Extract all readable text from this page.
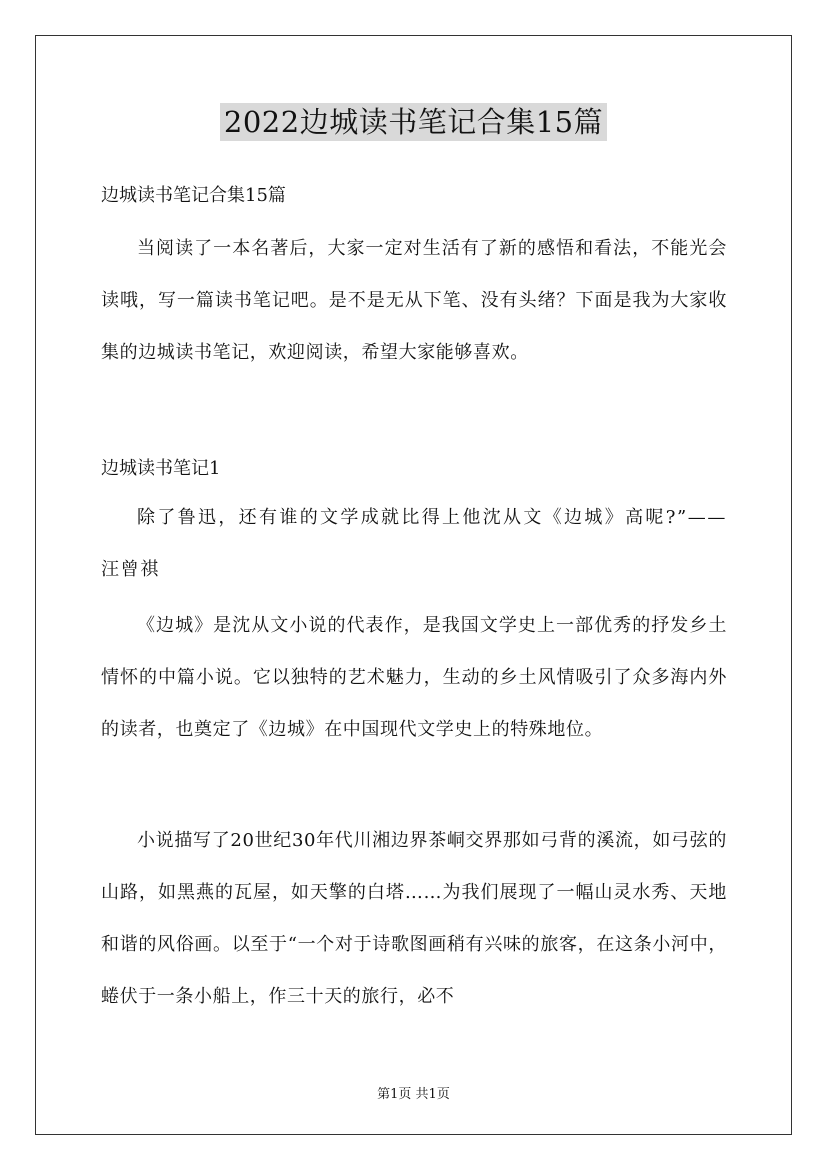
2022边城读书笔记合集15篇

边城读书笔记合集15篇

当阅读了一本名著后，大家一定对生活有了新的感悟和看法，不能光会读哦，写一篇读书笔记吧。是不是无从下笔、没有头绪？下面是我为大家收集的边城读书笔记，欢迎阅读，希望大家能够喜欢。

边城读书笔记1

除了鲁迅，还有谁的文学成就比得上他沈从文《边城》高呢?”——汪曾祺

《边城》是沈从文小说的代表作，是我国文学史上一部优秀的抒发乡土情怀的中篇小说。它以独特的艺术魅力，生动的乡土风情吸引了众多海内外的读者，也奠定了《边城》在中国现代文学史上的特殊地位。

小说描写了20世纪30年代川湘边界茶峒交界那如弓背的溪流，如弓弦的山路，如黑燕的瓦屋，如天擎的白塔……为我们展现了一幅山灵水秀、天地和谐的风俗画。以至于“一个对于诗歌图画稍有兴味的旅客，在这条小河中，蜷伏于一条小船上，作三十天的旅行，必不

第1页 共1页
